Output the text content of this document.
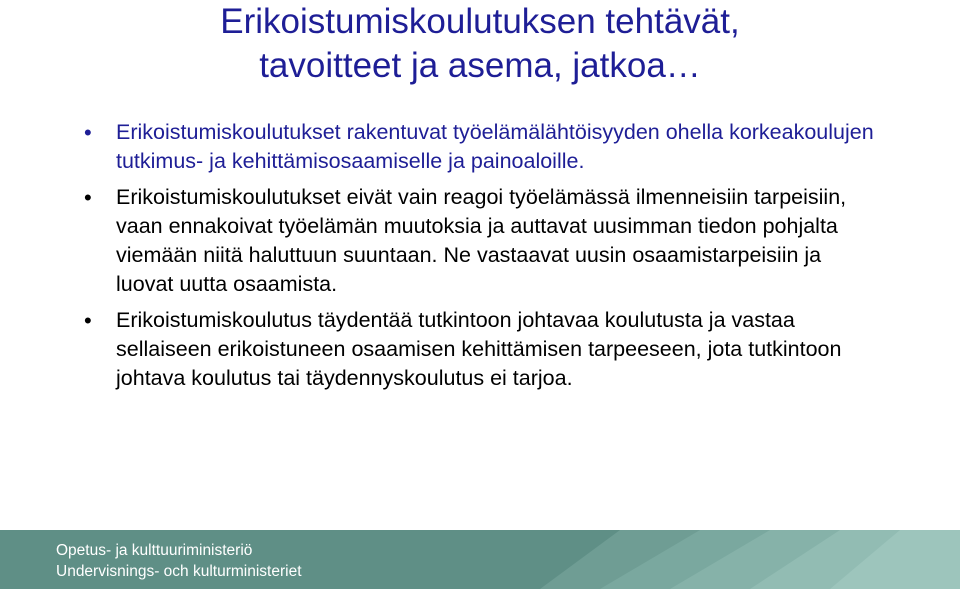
Erikoistumiskoulutuksen tehtävät,
tavoitteet ja asema, jatkoa…
• Erikoistumiskoulutukset rakentuvat työelämälähtöisyyden ohella korkeakoulujen tutkimus- ja kehittämisosaamiselle ja painoaloille.
• Erikoistumiskoulutukset eivät vain reagoi työelämässä ilmenneisiin tarpeisiin, vaan ennakoivat työelämän muutoksia ja auttavat uusimman tiedon pohjalta viemään niitä haluttuun suuntaan. Ne vastaavat uusin osaamistarpeisiin ja luovat uutta osaamista.
• Erikoistumiskoulutus täydentää tutkintoon johtavaa koulutusta ja vastaa sellaiseen erikoistuneen osaamisen kehittämisen tarpeeseen, jota tutkintoon johtava koulutus tai täydennyskoulutus ei tarjoa.
Opetus- ja kulttuuriministeriö
Undervisnings- och kulturministeriet
